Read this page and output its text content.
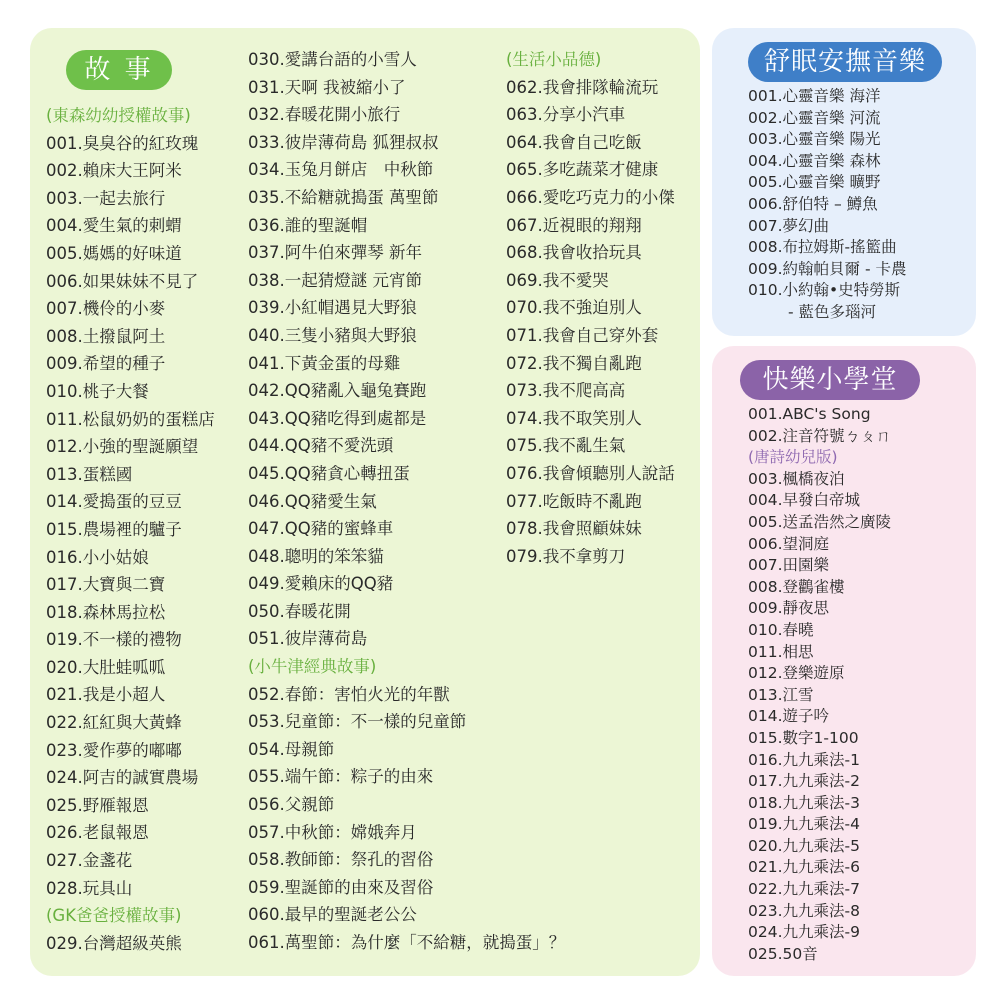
故 事
(東森幼幼授權故事)
001.臭臭谷的紅玫瑰
002.賴床大王阿米
003.一起去旅行
004.愛生氣的刺蝟
005.媽媽的好味道
006.如果妹妹不見了
007.機伶的小麥
008.土撥鼠阿土
009.希望的種子
010.桃子大餐
011.松鼠奶奶的蛋糕店
012.小強的聖誕願望
013.蛋糕國
014.愛搗蛋的豆豆
015.農場裡的驢子
016.小小姑娘
017.大寶與二寶
018.森林馬拉松
019.不一樣的禮物
020.大肚蛙呱呱
021.我是小超人
022.紅紅與大黃蜂
023.愛作夢的嘟嘟
024.阿吉的誠實農場
025.野雁報恩
026.老鼠報恩
027.金盞花
028.玩具山
(GK爸爸授權故事)
029.台灣超級英熊
030.愛講台語的小雪人
031.天啊 我被縮小了
032.春暖花開小旅行
033.彼岸薄荷島 狐狸叔叔
034.玉兔月餅店　中秋節
035.不給糖就搗蛋 萬聖節
036.誰的聖誕帽
037.阿牛伯來彈琴 新年
038.一起猜燈謎 元宵節
039.小紅帽遇見大野狼
040.三隻小豬與大野狼
041.下黃金蛋的母雞
042.QQ豬亂入龜兔賽跑
043.QQ豬吃得到處都是
044.QQ豬不愛洗頭
045.QQ豬貪心轉扭蛋
046.QQ豬愛生氣
047.QQ豬的蜜蜂車
048.聰明的笨笨貓
049.愛賴床的QQ豬
050.春暖花開
051.彼岸薄荷島
(小牛津經典故事)
052.春節：害怕火光的年獸
053.兒童節：不一樣的兒童節
054.母親節
055.端午節：粽子的由來
056.父親節
057.中秋節：嫦娥奔月
058.教師節：祭孔的習俗
059.聖誕節的由來及習俗
060.最早的聖誕老公公
061.萬聖節：為什麼「不給糖，就搗蛋」？
(生活小品德)
062.我會排隊輪流玩
063.分享小汽車
064.我會自己吃飯
065.多吃蔬菜才健康
066.愛吃巧克力的小傑
067.近視眼的翔翔
068.我會收拾玩具
069.我不愛哭
070.我不強迫別人
071.我會自己穿外套
072.我不獨自亂跑
073.我不爬高高
074.我不取笑別人
075.我不亂生氣
076.我會傾聽別人說話
077.吃飯時不亂跑
078.我會照顧妹妹
079.我不拿剪刀
舒眠安撫音樂
001.心靈音樂 海洋
002.心靈音樂 河流
003.心靈音樂 陽光
004.心靈音樂 森林
005.心靈音樂 曠野
006.舒伯特 – 鱒魚
007.夢幻曲
008.布拉姆斯-搖籃曲
009.約翰帕貝爾 - 卡農
010.小約翰•史特勞斯
- 藍色多瑙河
快樂小學堂
001.ABC's Song
002.注音符號ㄅㄆㄇ
(唐詩幼兒版)
003.楓橋夜泊
004.早發白帝城
005.送孟浩然之廣陵
006.望洞庭
007.田園樂
008.登鸛雀樓
009.靜夜思
010.春曉
011.相思
012.登樂遊原
013.江雪
014.遊子吟
015.數字1-100
016.九九乘法-1
017.九九乘法-2
018.九九乘法-3
019.九九乘法-4
020.九九乘法-5
021.九九乘法-6
022.九九乘法-7
023.九九乘法-8
024.九九乘法-9
025.50音
